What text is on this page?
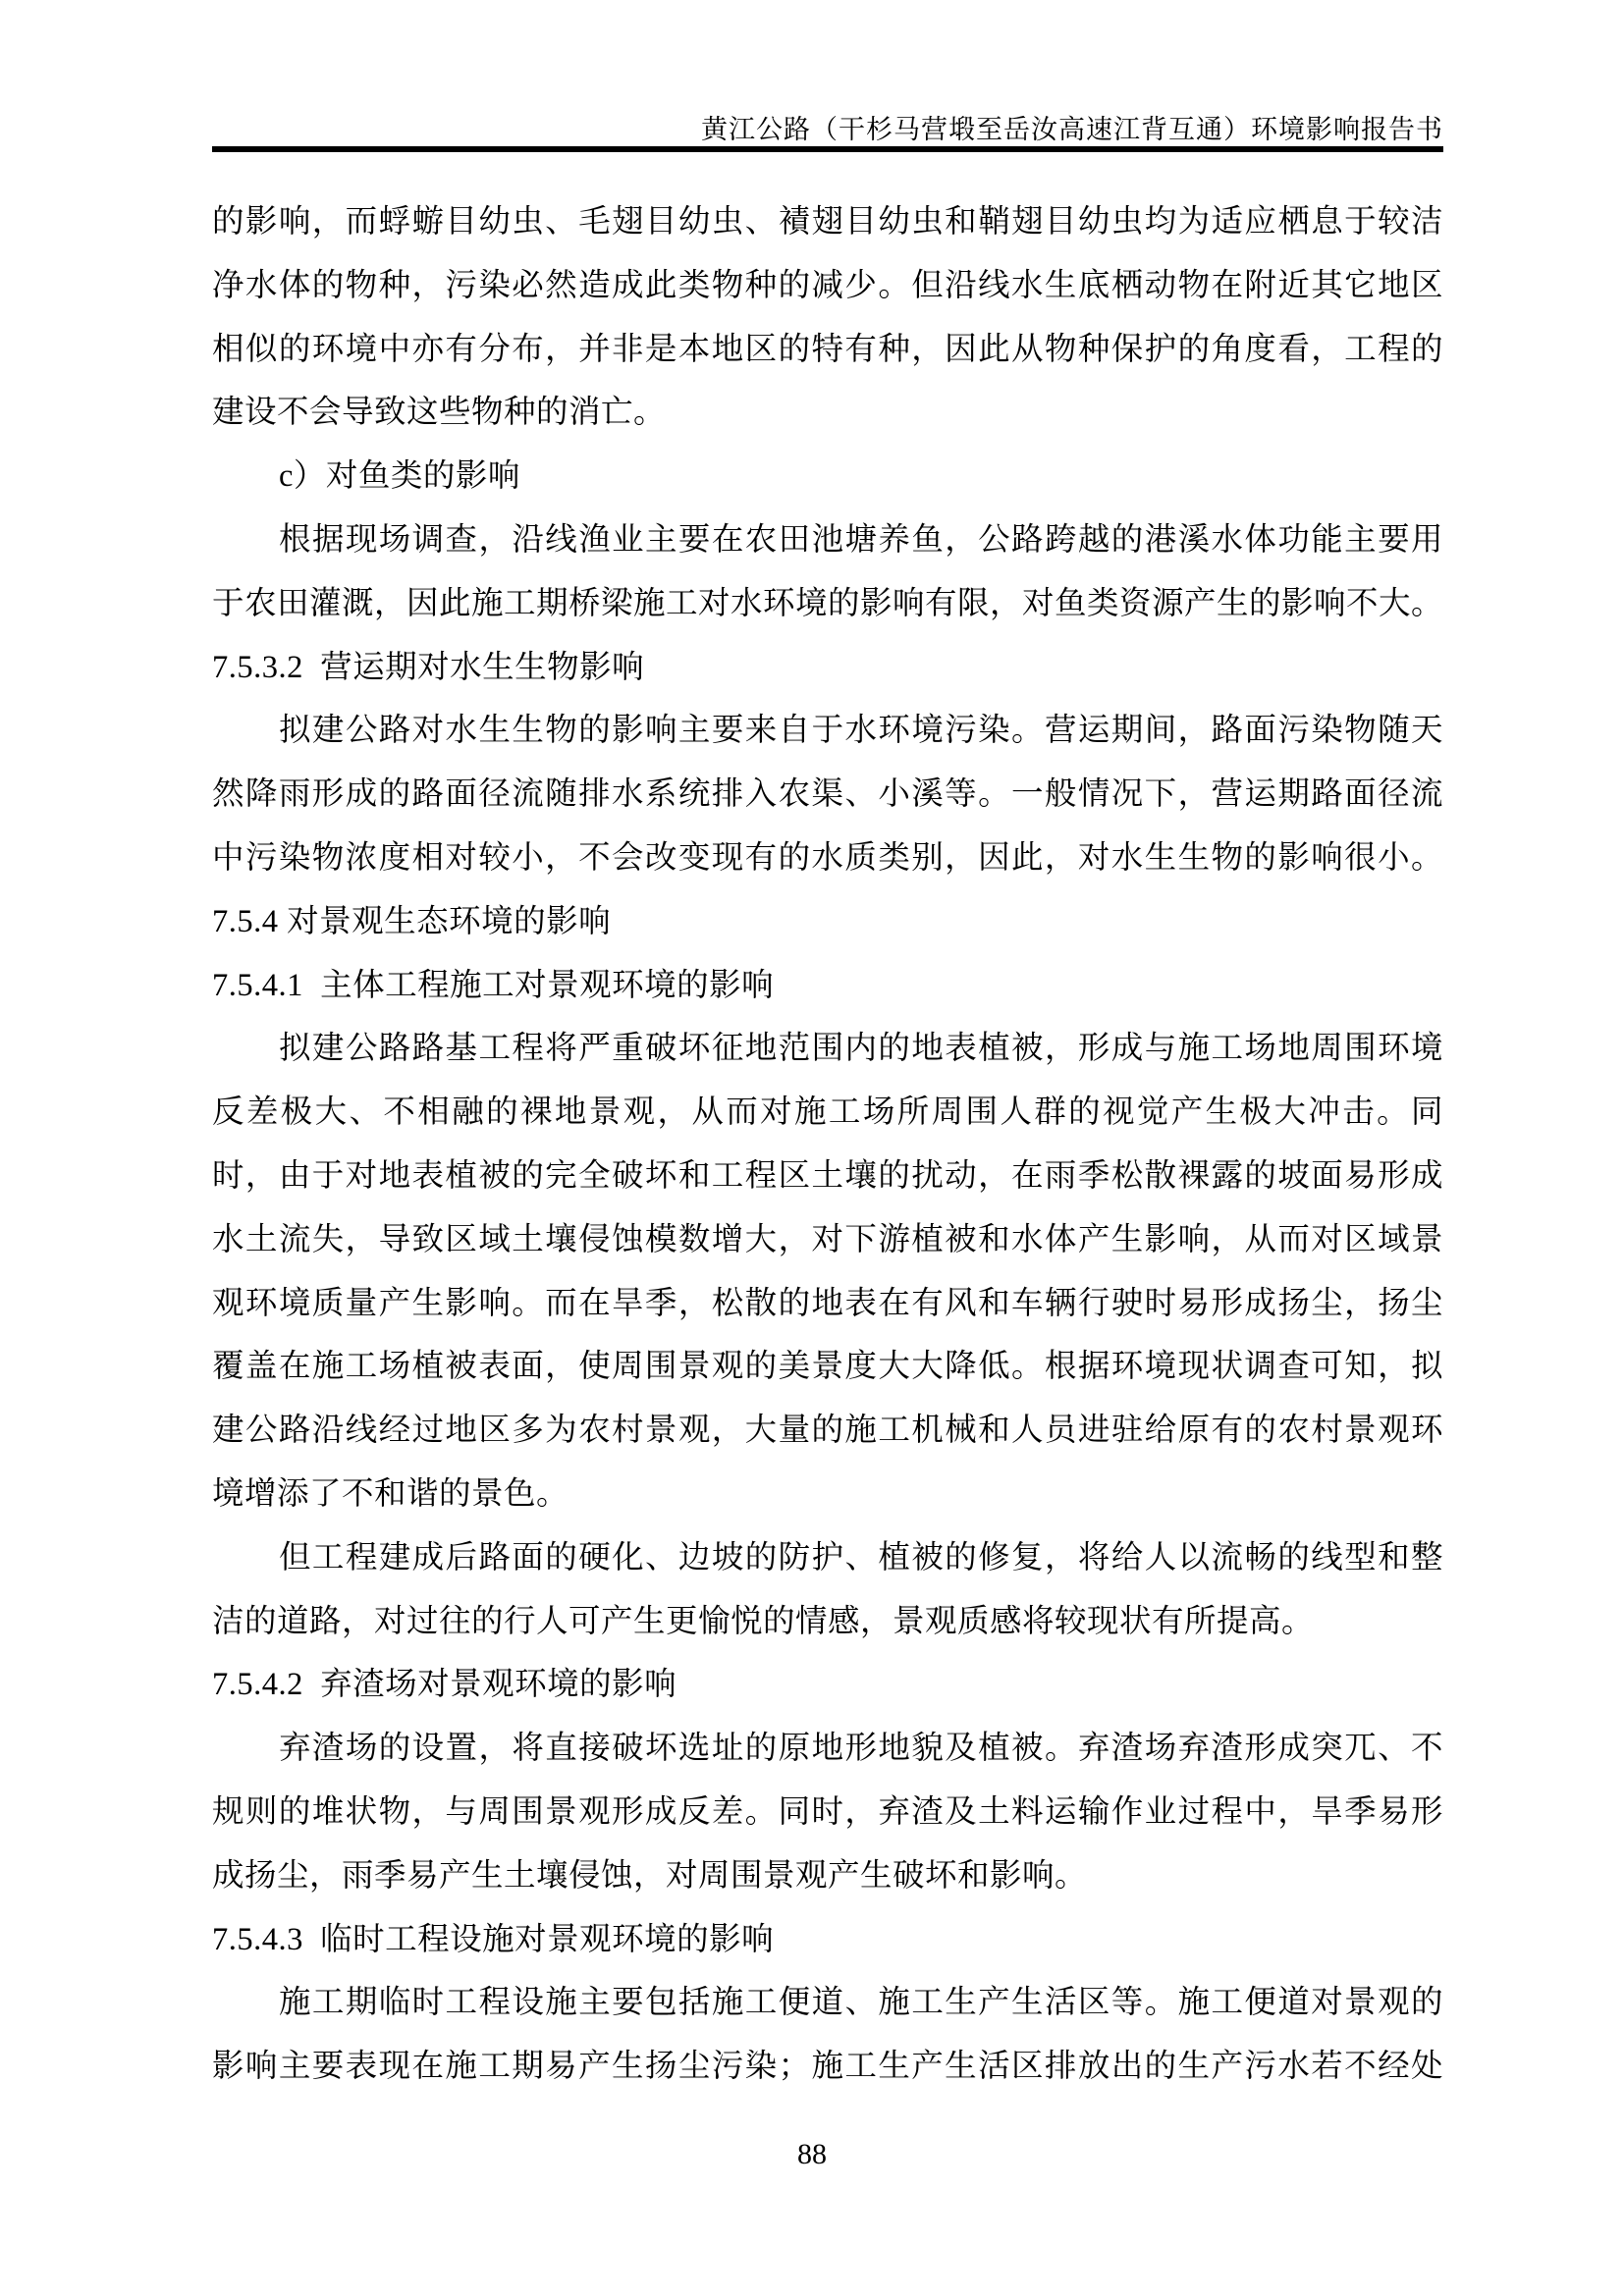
黄江公路（干杉马营塅至岳汝高速江背互通）环境影响报告书
的影响，而蜉蝣目幼虫、毛翅目幼虫、襀翅目幼虫和鞘翅目幼虫均为适应栖息于较洁
净水体的物种，污染必然造成此类物种的减少。但沿线水生底栖动物在附近其它地区
相似的环境中亦有分布，并非是本地区的特有种，因此从物种保护的角度看，工程的
建设不会导致这些物种的消亡。
c）对鱼类的影响
根据现场调查，沿线渔业主要在农田池塘养鱼，公路跨越的港溪水体功能主要用
于农田灌溉，因此施工期桥梁施工对水环境的影响有限，对鱼类资源产生的影响不大。
7.5.3.2  营运期对水生生物影响
拟建公路对水生生物的影响主要来自于水环境污染。营运期间，路面污染物随天
然降雨形成的路面径流随排水系统排入农渠、小溪等。一般情况下，营运期路面径流
中污染物浓度相对较小，不会改变现有的水质类别，因此，对水生生物的影响很小。
7.5.4 对景观生态环境的影响
7.5.4.1  主体工程施工对景观环境的影响
拟建公路路基工程将严重破坏征地范围内的地表植被，形成与施工场地周围环境
反差极大、不相融的裸地景观，从而对施工场所周围人群的视觉产生极大冲击。同
时，由于对地表植被的完全破坏和工程区土壤的扰动，在雨季松散裸露的坡面易形成
水土流失，导致区域土壤侵蚀模数增大，对下游植被和水体产生影响，从而对区域景
观环境质量产生影响。而在旱季，松散的地表在有风和车辆行驶时易形成扬尘，扬尘
覆盖在施工场植被表面，使周围景观的美景度大大降低。根据环境现状调查可知，拟
建公路沿线经过地区多为农村景观，大量的施工机械和人员进驻给原有的农村景观环
境增添了不和谐的景色。
但工程建成后路面的硬化、边坡的防护、植被的修复，将给人以流畅的线型和整
洁的道路，对过往的行人可产生更愉悦的情感，景观质感将较现状有所提高。
7.5.4.2  弃渣场对景观环境的影响
弃渣场的设置，将直接破坏选址的原地形地貌及植被。弃渣场弃渣形成突兀、不
规则的堆状物，与周围景观形成反差。同时，弃渣及土料运输作业过程中，旱季易形
成扬尘，雨季易产生土壤侵蚀，对周围景观产生破坏和影响。
7.5.4.3  临时工程设施对景观环境的影响
施工期临时工程设施主要包括施工便道、施工生产生活区等。施工便道对景观的
影响主要表现在施工期易产生扬尘污染；施工生产生活区排放出的生产污水若不经处
88
